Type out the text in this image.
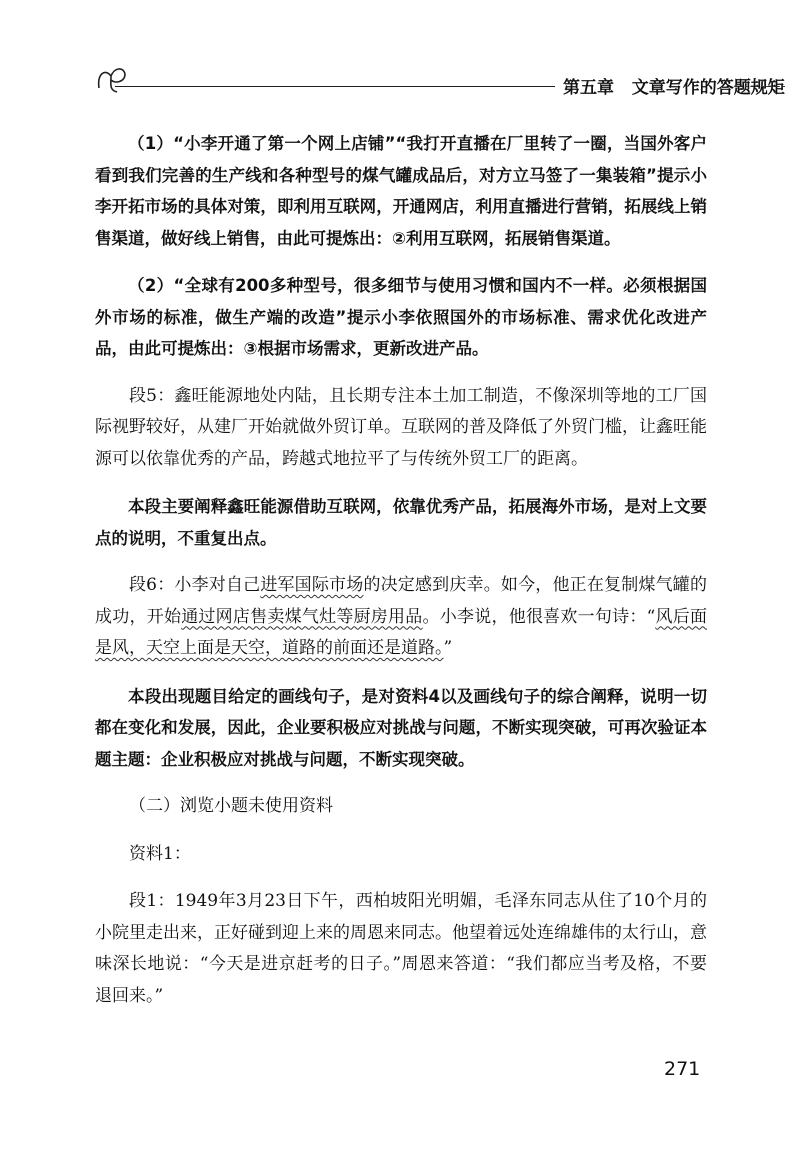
第五章 文章写作的答题规矩

（1）“小李开通了第一个网上店铺”“我打开直播在厂里转了一圈，当国外客户看到我们完善的生产线和各种型号的煤气罐成品后，对方立马签了一集装箱”提示小李开拓市场的具体对策，即利用互联网，开通网店，利用直播进行营销，拓展线上销售渠道，做好线上销售，由此可提炼出：②利用互联网，拓展销售渠道。

（2）“全球有200多种型号，很多细节与使用习惯和国内不一样。必须根据国外市场的标准，做生产端的改造”提示小李依照国外的市场标准、需求优化改进产品，由此可提炼出：③根据市场需求，更新改进产品。

段5：鑫旺能源地处内陆，且长期专注本土加工制造，不像深圳等地的工厂国际视野较好，从建厂开始就做外贸订单。互联网的普及降低了外贸门槛，让鑫旺能源可以依靠优秀的产品，跨越式地拉平了与传统外贸工厂的距离。

本段主要阐释鑫旺能源借助互联网，依靠优秀产品，拓展海外市场，是对上文要点的说明，不重复出点。

段6：小李对自己进军国际市场的决定感到庆幸。如今，他正在复制煤气罐的成功，开始通过网店售卖煤气灶等厨房用品。小李说，他很喜欢一句诗：“风后面是风，天空上面是天空，道路的前面还是道路。”

本段出现题目给定的画线句子，是对资料4以及画线句子的综合阐释，说明一切都在变化和发展，因此，企业要积极应对挑战与问题，不断实现突破，可再次验证本题主题：企业积极应对挑战与问题，不断实现突破。

（二）浏览小题未使用资料

资料1：

段1：1949年3月23日下午，西柏坡阳光明媚，毛泽东同志从住了10个月的小院里走出来，正好碰到迎上来的周恩来同志。他望着远处连绵雄伟的太行山，意味深长地说：“今天是进京赶考的日子。”周恩来答道：“我们都应当考及格，不要退回来。”

271
